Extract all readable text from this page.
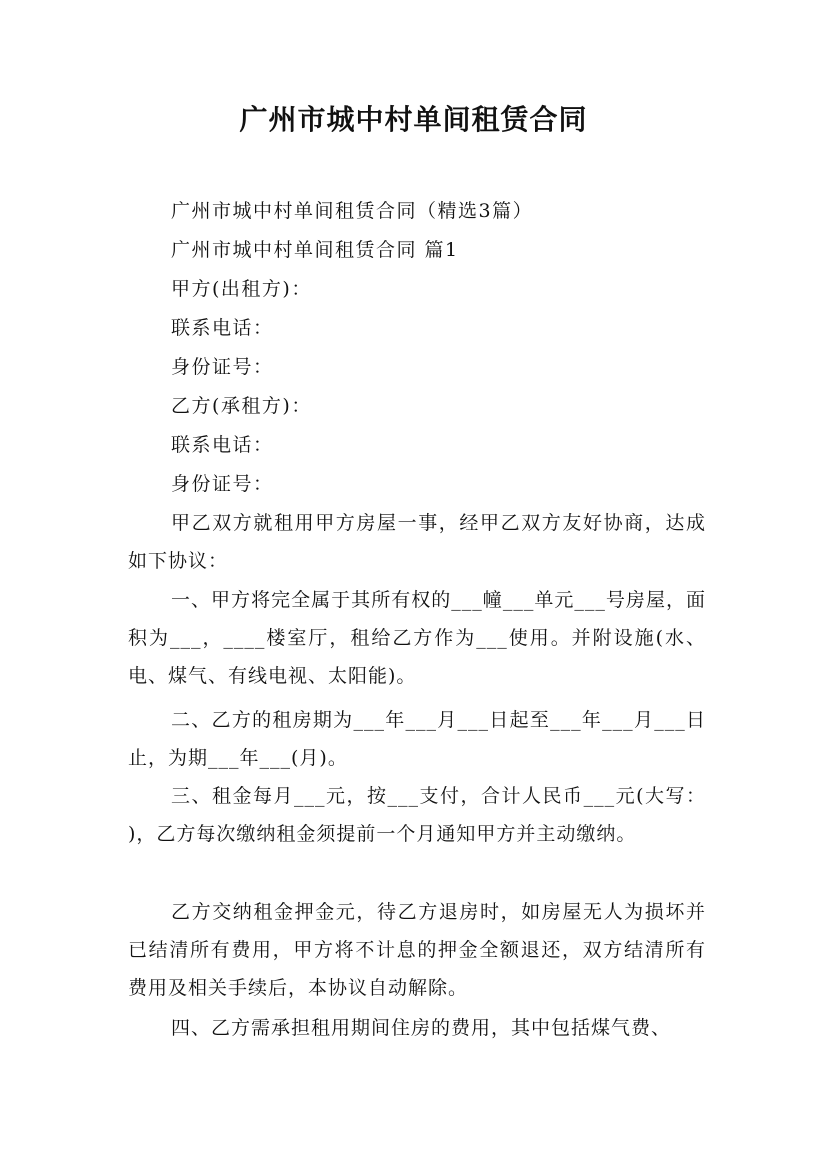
广州市城中村单间租赁合同
广州市城中村单间租赁合同（精选3篇）
广州市城中村单间租赁合同 篇1
甲方(出租方)：
联系电话：
身份证号：
乙方(承租方)：
联系电话：
身份证号：
甲乙双方就租用甲方房屋一事，经甲乙双方友好协商，达成如下协议：
一、甲方将完全属于其所有权的___幢___单元___号房屋，面积为___，____楼室厅，租给乙方作为___使用。并附设施(水、电、煤气、有线电视、太阳能)。
二、乙方的租房期为___年___月___日起至___年___月___日止，为期___年___(月)。
三、租金每月___元，按___支付，合计人民币___元(大写： )，乙方每次缴纳租金须提前一个月通知甲方并主动缴纳。
乙方交纳租金押金元，待乙方退房时，如房屋无人为损坏并已结清所有费用，甲方将不计息的押金全额退还，双方结清所有费用及相关手续后，本协议自动解除。
四、乙方需承担租用期间住房的费用，其中包括煤气费、
